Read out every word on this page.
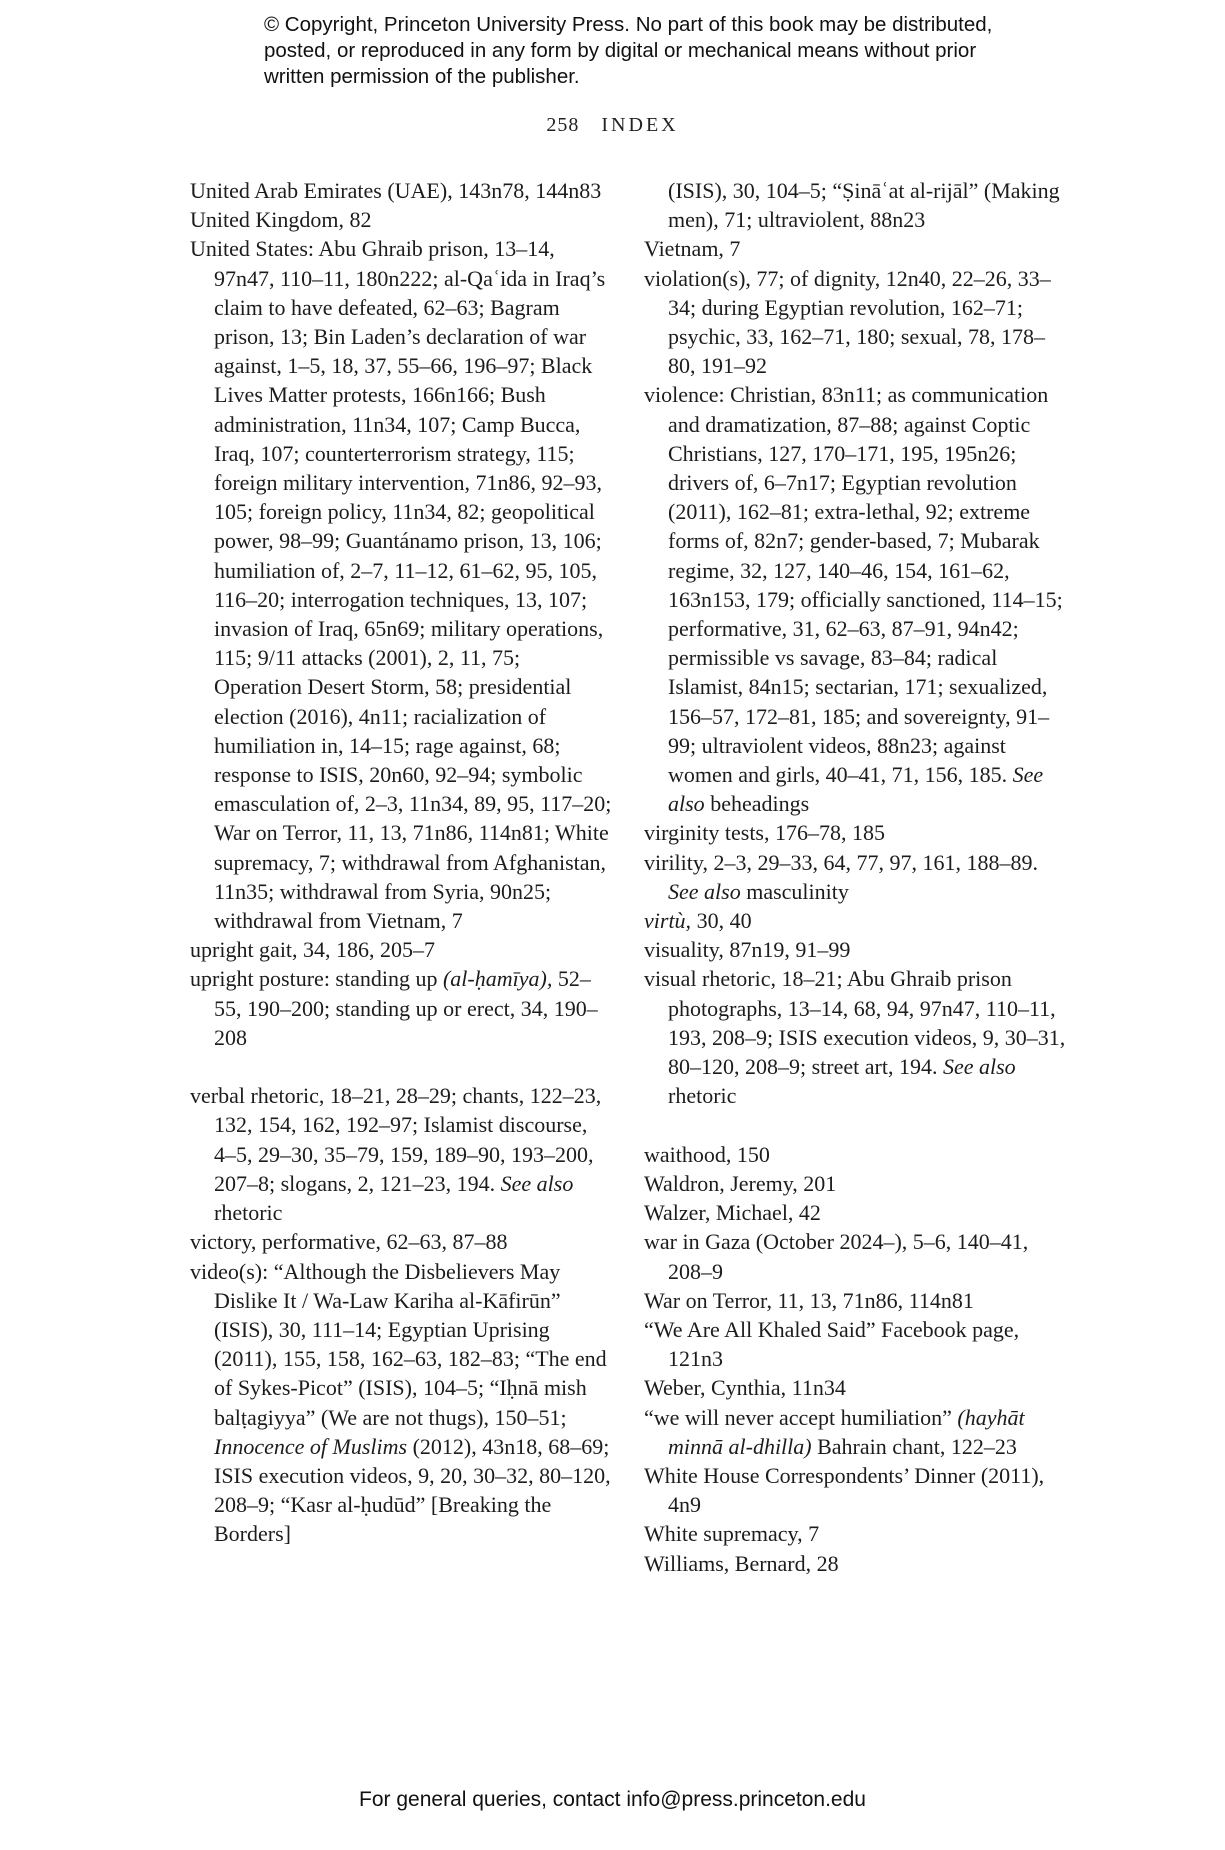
© Copyright, Princeton University Press. No part of this book may be distributed, posted, or reproduced in any form by digital or mechanical means without prior written permission of the publisher.
258 INDEX

United Arab Emirates (UAE), 143n78, 144n83

United Kingdom, 82

United States: Abu Ghraib prison, 13–14, 97n47, 110–11, 180n222; al-Qaʿida in Iraq’s claim to have defeated, 62–63; Bagram prison, 13; Bin Laden’s declaration of war against, 1–5, 18, 37, 55–66, 196–97; Black Lives Matter protests, 166n166; Bush administration, 11n34, 107; Camp Bucca, Iraq, 107; counterterrorism strategy, 115; foreign military intervention, 71n86, 92–93, 105; foreign policy, 11n34, 82; geopolitical power, 98–99; Guantánamo prison, 13, 106; humiliation of, 2–7, 11–12, 61–62, 95, 105, 116–20; interrogation techniques, 13, 107; invasion of Iraq, 65n69; military operations, 115; 9/11 attacks (2001), 2, 11, 75; Operation Desert Storm, 58; presidential election (2016), 4n11; racialization of humiliation in, 14–15; rage against, 68; response to ISIS, 20n60, 92–94; symbolic emasculation of, 2–3, 11n34, 89, 95, 117–20; War on Terror, 11, 13, 71n86, 114n81; White supremacy, 7; withdrawal from Afghanistan, 11n35; withdrawal from Syria, 90n25; withdrawal from Vietnam, 7

upright gait, 34, 186, 205–7

upright posture: standing up (al-ḥamīya), 52–55, 190–200; standing up or erect, 34, 190–208

verbal rhetoric, 18–21, 28–29; chants, 122–23, 132, 154, 162, 192–97; Islamist discourse, 4–5, 29–30, 35–79, 159, 189–90, 193–200, 207–8; slogans, 2, 121–23, 194. See also rhetoric

victory, performative, 62–63, 87–88

video(s): “Although the Disbelievers May Dislike It / Wa-Law Kariha al-Kāfirūn” (ISIS), 30, 111–14; Egyptian Uprising (2011), 155, 158, 162–63, 182–83; “The end of Sykes-Picot” (ISIS), 104–5; “Iḥnā mish balṭagiyya” (We are not thugs), 150–51; Innocence of Muslims (2012), 43n18, 68–69; ISIS execution videos, 9, 20, 30–32, 80–120, 208–9; “Kasr al-ḥudūd” [Breaking the Borders]

(ISIS), 30, 104–5; “Ṣināʿat al-rijāl” (Making men), 71; ultraviolent, 88n23

Vietnam, 7

violation(s), 77; of dignity, 12n40, 22–26, 33–34; during Egyptian revolution, 162–71; psychic, 33, 162–71, 180; sexual, 78, 178–80, 191–92

violence: Christian, 83n11; as communication and dramatization, 87–88; against Coptic Christians, 127, 170–171, 195, 195n26; drivers of, 6–7n17; Egyptian revolution (2011), 162–81; extra-lethal, 92; extreme forms of, 82n7; gender-based, 7; Mubarak regime, 32, 127, 140–46, 154, 161–62, 163n153, 179; officially sanctioned, 114–15; performative, 31, 62–63, 87–91, 94n42; permissible vs savage, 83–84; radical Islamist, 84n15; sectarian, 171; sexualized, 156–57, 172–81, 185; and sovereignty, 91–99; ultraviolent videos, 88n23; against women and girls, 40–41, 71, 156, 185. See also beheadings

virginity tests, 176–78, 185

virility, 2–3, 29–33, 64, 77, 97, 161, 188–89. See also masculinity

virtù, 30, 40

visuality, 87n19, 91–99

visual rhetoric, 18–21; Abu Ghraib prison photographs, 13–14, 68, 94, 97n47, 110–11, 193, 208–9; ISIS execution videos, 9, 30–31, 80–120, 208–9; street art, 194. See also rhetoric

waithood, 150

Waldron, Jeremy, 201

Walzer, Michael, 42

war in Gaza (October 2024–), 5–6, 140–41, 208–9

War on Terror, 11, 13, 71n86, 114n81

“We Are All Khaled Said” Facebook page, 121n3

Weber, Cynthia, 11n34

“we will never accept humiliation” (hayhāt minnā al-dhilla) Bahrain chant, 122–23

White House Correspondents’ Dinner (2011), 4n9

White supremacy, 7

Williams, Bernard, 28

For general queries, contact info@press.princeton.edu
